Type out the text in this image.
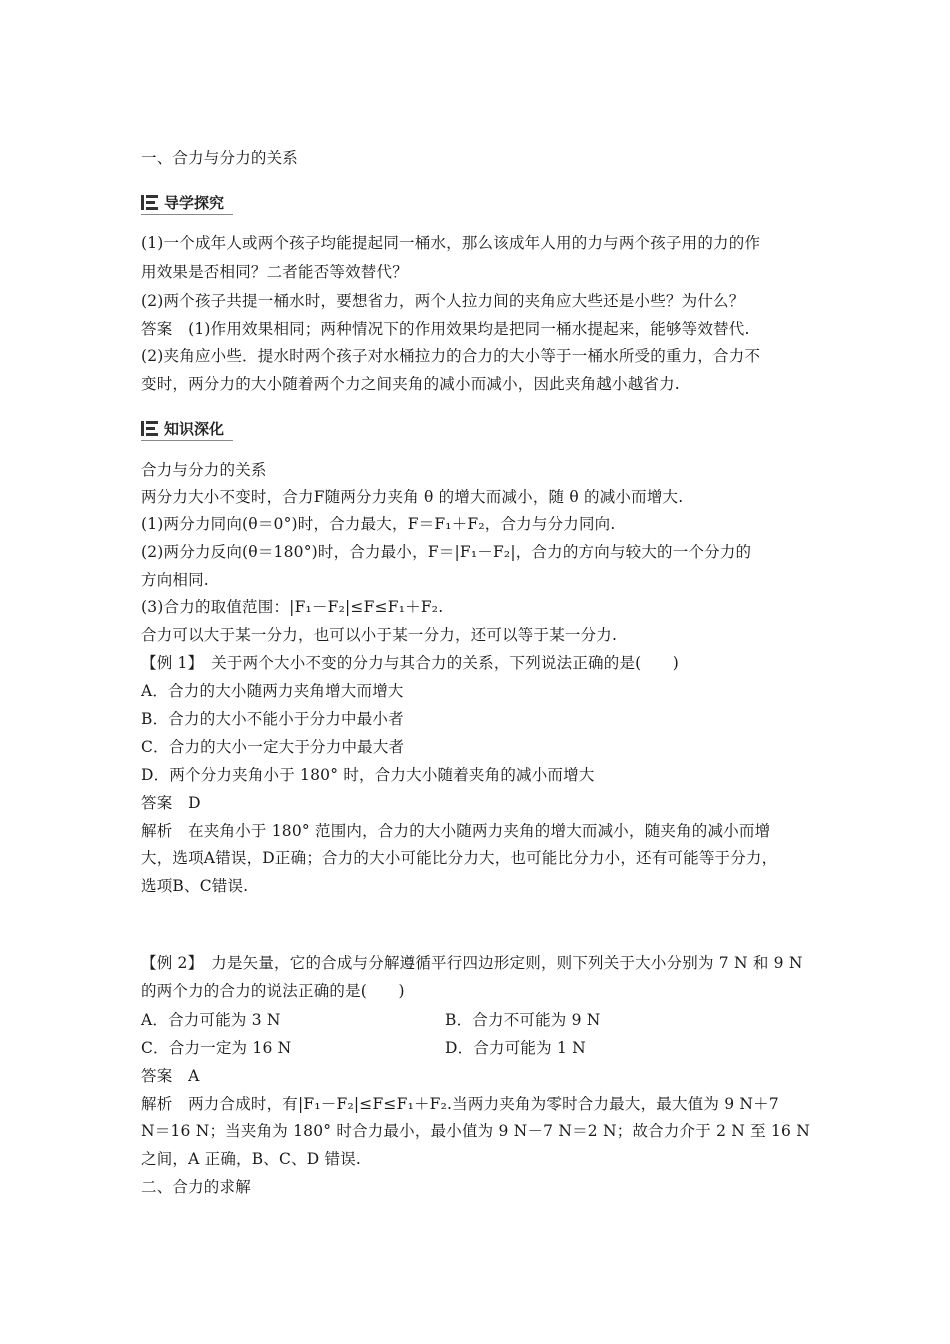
一、合力与分力的关系
导学探究
(1)一个成年人或两个孩子均能提起同一桶水，那么该成年人用的力与两个孩子用的力的作
用效果是否相同？二者能否等效替代？
(2)两个孩子共提一桶水时，要想省力，两个人拉力间的夹角应大些还是小些？为什么？
答案　(1)作用效果相同；两种情况下的作用效果均是把同一桶水提起来，能够等效替代.
(2)夹角应小些．提水时两个孩子对水桶拉力的合力的大小等于一桶水所受的重力，合力不
变时，两分力的大小随着两个力之间夹角的减小而减小，因此夹角越小越省力.
知识深化
合力与分力的关系
两分力大小不变时，合力F随两分力夹角 θ 的增大而减小，随 θ 的减小而增大.
(1)两分力同向(θ＝0°)时，合力最大，F＝F₁＋F₂，合力与分力同向.
(2)两分力反向(θ＝180°)时，合力最小，F＝|F₁－F₂|，合力的方向与较大的一个分力的
方向相同.
(3)合力的取值范围：|F₁－F₂|≤F≤F₁＋F₂.
合力可以大于某一分力，也可以小于某一分力，还可以等于某一分力.
【例 1】　关于两个大小不变的分力与其合力的关系，下列说法正确的是(　　)
A．合力的大小随两力夹角增大而增大
B．合力的大小不能小于分力中最小者
C．合力的大小一定大于分力中最大者
D．两个分力夹角小于 180° 时，合力大小随着夹角的减小而增大
答案　D
解析　在夹角小于 180° 范围内，合力的大小随两力夹角的增大而减小，随夹角的减小而增
大，选项A错误，D正确；合力的大小可能比分力大，也可能比分力小，还有可能等于分力，
选项B、C错误.
【例 2】　力是矢量，它的合成与分解遵循平行四边形定则，则下列关于大小分别为 7 N 和 9 N
的两个力的合力的说法正确的是(　　)
A．合力可能为 3 N	B．合力不可能为 9 N
C．合力一定为 16 N	D．合力可能为 1 N
答案　A
解析　两力合成时，有|F₁－F₂|≤F≤F₁＋F₂.当两力夹角为零时合力最大，最大值为 9 N＋7
N＝16 N；当夹角为 180° 时合力最小，最小值为 9 N－7 N＝2 N；故合力介于 2 N 至 16 N
之间，A 正确，B、C、D 错误.
二、合力的求解
